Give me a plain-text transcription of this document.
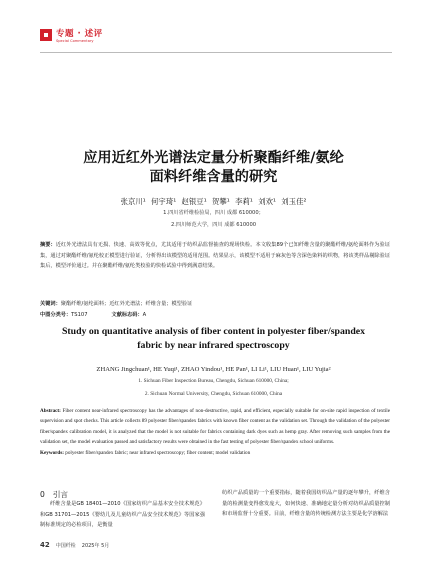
专题 · 述评
Special Commentary
应用近红外光谱法定量分析聚酯纤维/氨纶
面料纤维含量的研究
张京川¹ 何宇琦¹ 赵银豆¹ 贺攀¹ 李莉¹ 刘欢¹ 刘玉佳²
1.四川省纤维检验局，四川 成都 610000；
2.四川师范大学，四川 成都 610000
摘要：近红外光谱法具有无损、快速、高效等优点，尤其适用于纺织品监督抽查的现场快检。本文收集89个已知纤维含量的聚酯纤维/氨纶面料作为验证集，通过对聚酯纤维/氨纶校正模型进行验证，分析得出该模型的适用范围。结果显示，该模型不适用于麻灰色等含深色染料的织物，将该类样品剔除验证集后，模型评价通过。并在聚酯纤维/氨纶类校验的快检试验中得到满意结果。
关键词：聚酯纤维/氨纶面料；近红外光谱法；纤维含量；模型验证
中图分类号：TS107	文献标志码：A
Study on quantitative analysis of fiber content in polyester fiber/spandex
fabric by near infrared spectroscopy
ZHANG Jingchuan¹, HE Yuqi¹, ZHAO Yindou¹, HE Pan¹, LI Li¹, LIU Huan¹, LIU Yujia²
1. Sichuan Fiber Inspection Bureau, Chengdu, Sichuan 610000, China;
2. Sichuan Normal University, Chengdu, Sichuan 610000, China
Abstract: Fiber content near-infrared spectroscopy has the advantages of non-destructive, rapid, and efficient, especially suitable for on-site rapid inspection of textile supervision and spot checks. This article collects 89 polyester fiber/spandex fabrics with known fiber content as the validation set. Through the validation of the polyester fiber/spandex calibration model, it is analyzed that the model is not suitable for fabrics containing dark dyes such as hemp gray. After removing such samples from the validation set, the model evaluation passed and satisfactory results were obtained in the fast testing of polyester fiber/spandex school uniforms.
Keywords: polyester fiber/spandex fabric; near infrared spectroscopy; fiber content; model validation
0 引言
纤维含量是GB 18401—2010《国家纺织产品基本安全技术规范》和GB 31701—2015《婴幼儿及儿童纺织产品安全技术规范》等国家强制标准规定的必检项目，是衡量
纺织产品质量的一个重要指标，随着我国纺织品产量的逐年攀升，纤维含量的检测量变得愈发庞大，如何快速、准确地定量分析对纺织品质量控制和市场监督十分重要。目前，纤维含量的传统检测方法主要是化学溶解法
42 中国纤检 2025年 5月
